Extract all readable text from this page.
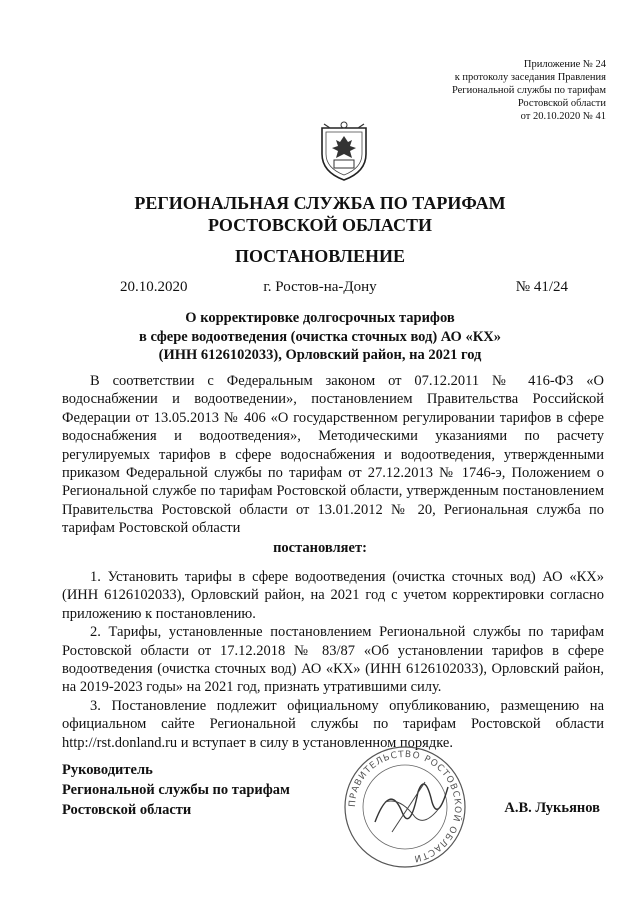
Приложение № 24
к протоколу заседания Правления
Региональной службы по тарифам
Ростовской области
от 20.10.2020 № 41
РЕГИОНАЛЬНАЯ СЛУЖБА ПО ТАРИФАМ
РОСТОВСКОЙ ОБЛАСТИ
ПОСТАНОВЛЕНИЕ
20.10.2020	г. Ростов-на-Дону	№ 41/24
О корректировке долгосрочных тарифов
в сфере водоотведения (очистка сточных вод) АО «КХ»
(ИНН 6126102033), Орловский район, на 2021 год

В соответствии с Федеральным законом от 07.12.2011 № 416-ФЗ «О водоснабжении и водоотведении», постановлением Правительства Российской Федерации от 13.05.2013 № 406 «О государственном регулировании тарифов в сфере водоснабжения и водоотведения», Методическими указаниями по расчету регулируемых тарифов в сфере водоснабжения и водоотведения, утвержденными приказом Федеральной службы по тарифам от 27.12.2013 № 1746-э, Положением о Региональной службе по тарифам Ростовской области, утвержденным постановлением Правительства Ростовской области от 13.01.2012 № 20, Региональная служба по тарифам Ростовской области

постановляет:

1. Установить тарифы в сфере водоотведения (очистка сточных вод) АО «КХ» (ИНН 6126102033), Орловский район, на 2021 год с учетом корректировки согласно приложению к постановлению.

2. Тарифы, установленные постановлением Региональной службы по тарифам Ростовской области от 17.12.2018 № 83/87 «Об установлении тарифов в сфере водоотведения (очистка сточных вод) АО «КХ» (ИНН 6126102033), Орловский район, на 2019-2023 годы» на 2021 год, признать утратившими силу.

3. Постановление подлежит официальному опубликованию, размещению на официальном сайте Региональной службы по тарифам Ростовской области http://rst.donland.ru и вступает в силу в установленном порядке.

ПРАВИТЕЛЬСТВО РОСТОВСКОЙ ОБЛАСТИ
Руководитель
Региональной службы по тарифам
Ростовской области	А.В. Лукьянов
